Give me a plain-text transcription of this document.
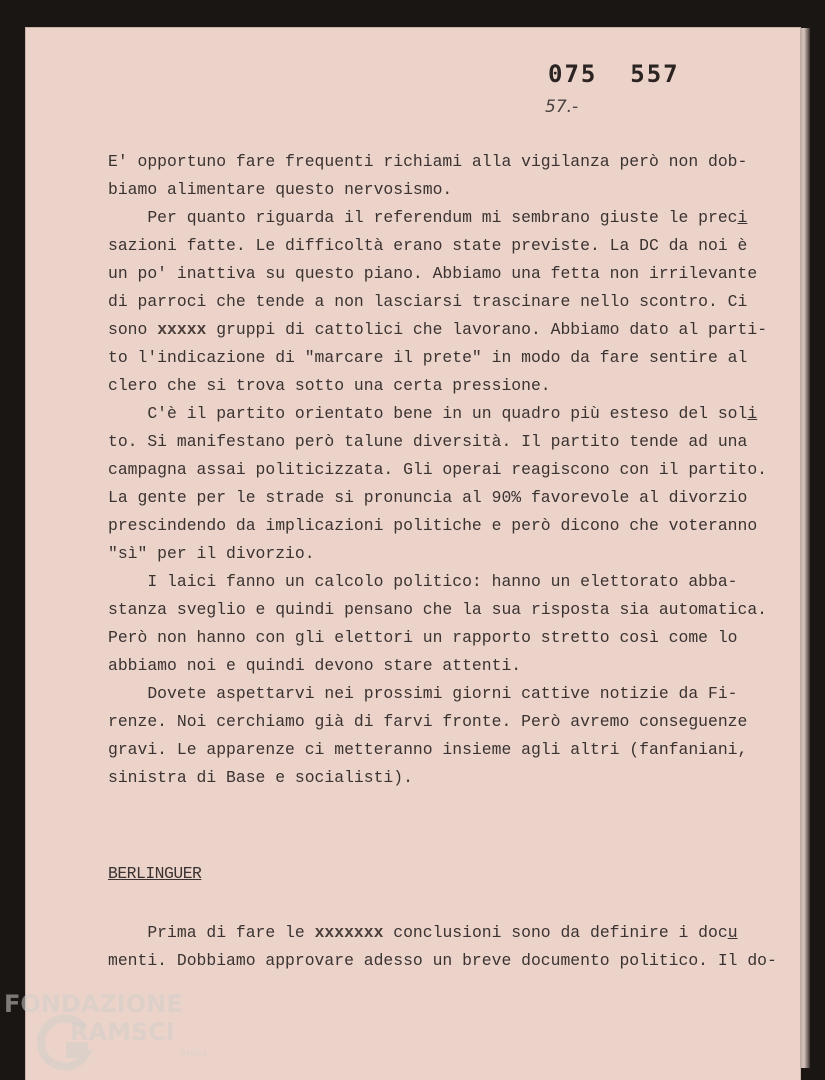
075  557
57.-
E' opportuno fare frequenti richiami alla vigilanza però non dob-
biamo alimentare questo nervosismo.
Per quanto riguarda il referendum mi sembrano giuste le preci
sazioni fatte. Le difficoltà erano state previste. La DC da noi è
un po' inattiva su questo piano. Abbiamo una fetta non irrilevante
di parroci che tende a non lasciarsi trascinare nello scontro. Ci
sono xxxxx gruppi di cattolici che lavorano. Abbiamo dato al parti-
to l'indicazione di "marcare il prete" in modo da fare sentire al
clero che si trova sotto una certa pressione.
C'è il partito orientato bene in un quadro più esteso del soli
to. Si manifestano però talune diversità. Il partito tende ad una
campagna assai politicizzata. Gli operai reagiscono con il partito.
La gente per le strade si pronuncia al 90% favorevole al divorzio
prescindendo da implicazioni politiche e però dicono che voteranno
"sì" per il divorzio.
I laici fanno un calcolo politico: hanno un elettorato abba-
stanza sveglio e quindi pensano che la sua risposta sia automatica.
Però non hanno con gli elettori un rapporto stretto così come lo
abbiamo noi e quindi devono stare attenti.
Dovete aspettarvi nei prossimi giorni cattive notizie da Fi-
renze. Noi cerchiamo già di farvi fronte. Però avremo conseguenze
gravi. Le apparenze ci metteranno insieme agli altri (fanfaniani,
sinistra di Base e socialisti).
BERLINGUER
Prima di fare le xxxxxxx conclusioni sono da definire i docu
menti. Dobbiamo approvare adesso un breve documento politico. Il do-
FONDAZIONE
RAMSCI
onlus
